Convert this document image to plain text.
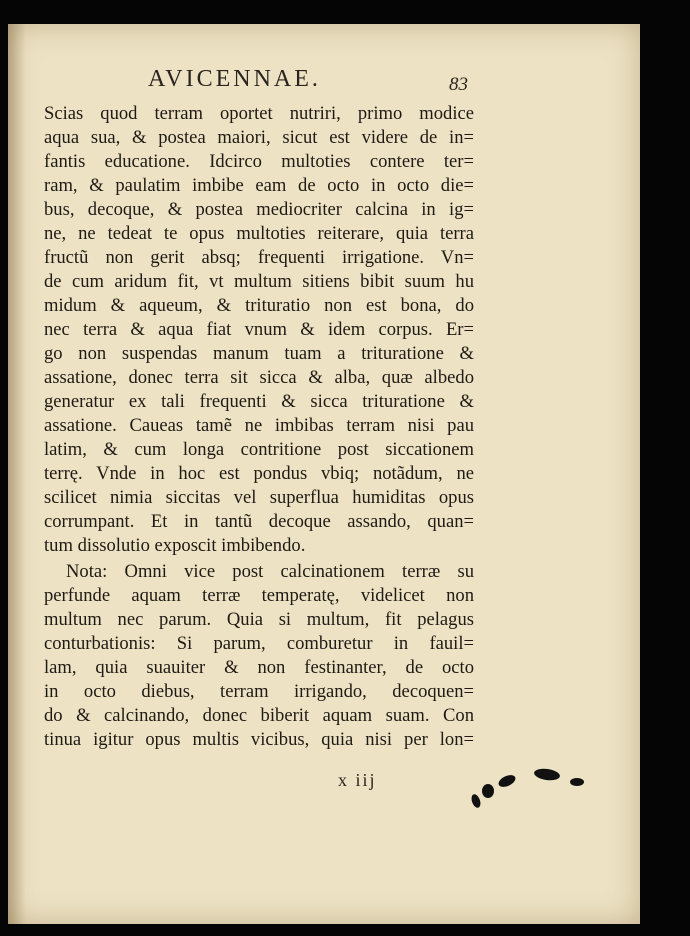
AVICENNAE.	83
Scias quod terram oportet nutriri, primo modice
aqua sua, & postea maiori, sicut est videre de in=
fantis educatione. Idcirco multoties contere ter=
ram, & paulatim imbibe eam de octo in octo die=
bus, decoque, & postea mediocriter calcina in ig=
ne, ne tedeat te opus multoties reiterare, quia terra
fructũ non gerit absq; frequenti irrigatione. Vn=
de cum aridum fit, vt multum sitiens bibit suum hu
midum & aqueum, & trituratio non est bona, do
nec terra & aqua fiat vnum & idem corpus. Er=
go non suspendas manum tuam a trituratione &
assatione, donec terra sit sicca & alba, quæ albedo
generatur ex tali frequenti & sicca trituratione &
assatione. Caueas tamẽ ne imbibas terram nisi pau
latim, & cum longa contritione post siccationem
terrę. Vnde in hoc est pondus vbiq; notãdum, ne
scilicet nimia siccitas vel superflua humiditas opus
corrumpant. Et in tantũ decoque assando, quan=
tum dissolutio exposcit imbibendo.
Nota: Omni vice post calcinationem terræ su
perfunde aquam terræ temperatę, videlicet non
multum nec parum. Quia si multum, fit pelagus
conturbationis: Si parum, comburetur in fauil=
lam, quia suauiter & non festinanter, de octo
in octo diebus, terram irrigando, decoquen=
do & calcinando, donec biberit aquam suam. Con
tinua igitur opus multis vicibus, quia nisi per lon=
x iij
